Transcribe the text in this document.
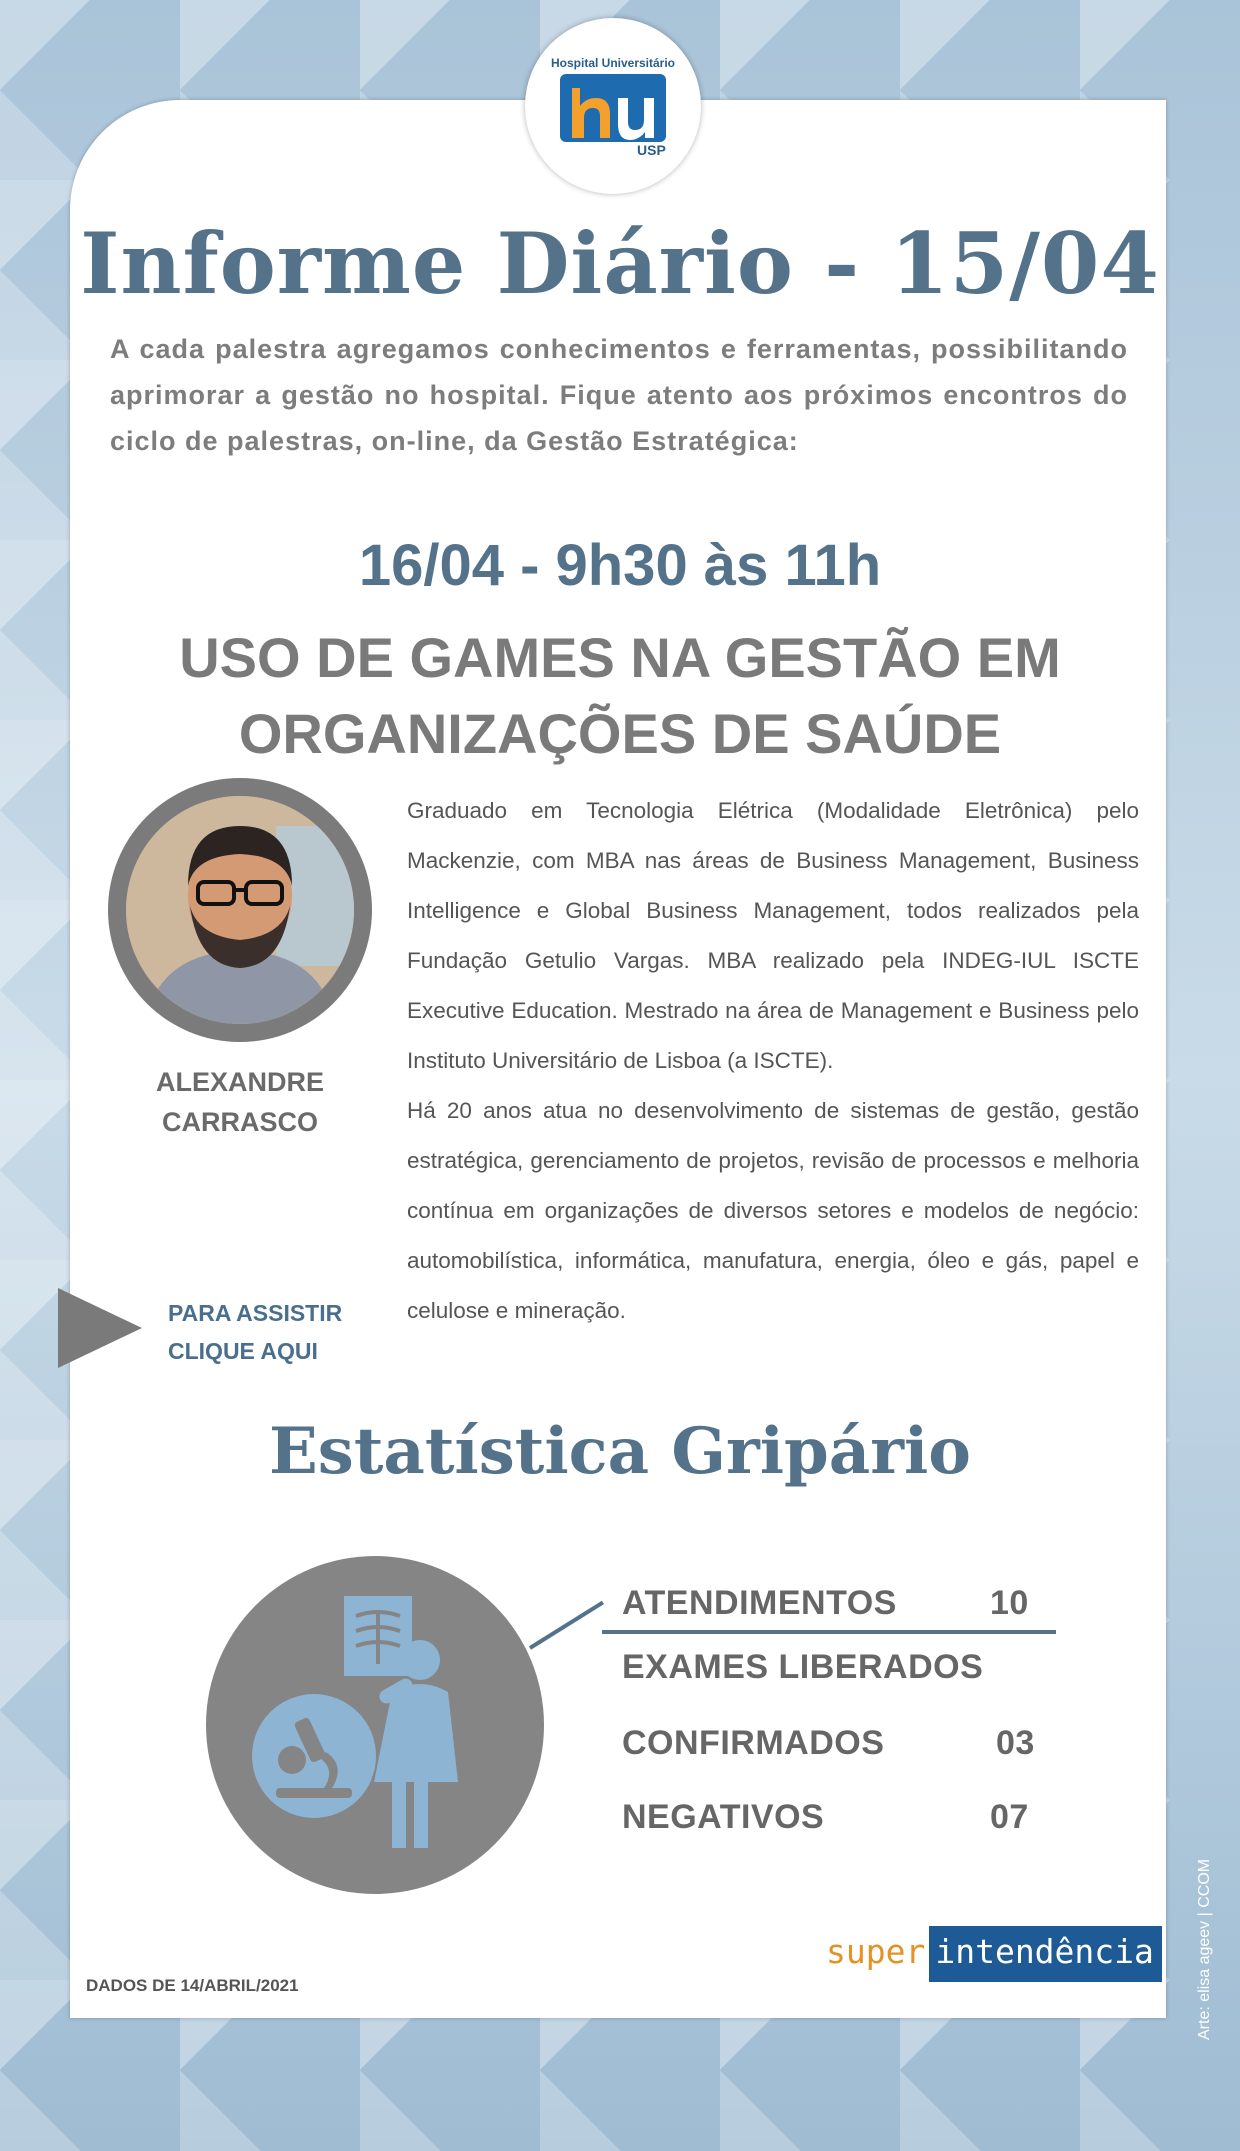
Hospital Universitário
USP
Informe Diário - 15/04
A cada palestra agregamos conhecimentos e ferramentas, possibilitando aprimorar a gestão no hospital. Fique atento aos próximos encontros do ciclo de palestras, on-line, da Gestão Estratégica:
16/04 - 9h30 às 11h
USO DE GAMES NA GESTÃO EM
ORGANIZAÇÕES DE SAÚDE
ALEXANDRE
CARRASCO

Graduado em Tecnologia Elétrica (Modalidade Eletrônica) pelo Mackenzie, com MBA nas áreas de Business Management, Business Intelligence e Global Business Management, todos realizados pela Fundação Getulio Vargas. MBA realizado pela INDEG-IUL ISCTE Executive Education. Mestrado na área de Management e Business pelo Instituto Universitário de Lisboa (a ISCTE).

Há 20 anos atua no desenvolvimento de sistemas de gestão, gestão estratégica, gerenciamento de projetos, revisão de processos e melhoria contínua em organizações de diversos setores e modelos de negócio: automobilística, informática, manufatura, energia, óleo e gás, papel e celulose e mineração.

PARA ASSISTIR
CLIQUE AQUI
Estatística Gripário
ATENDIMENTOS	10
EXAMES LIBERADOS
CONFIRMADOS	03
NEGATIVOS	07
DADOS DE 14/ABRIL/2021
super intendência	Arte: elisa ageev | CCOM
